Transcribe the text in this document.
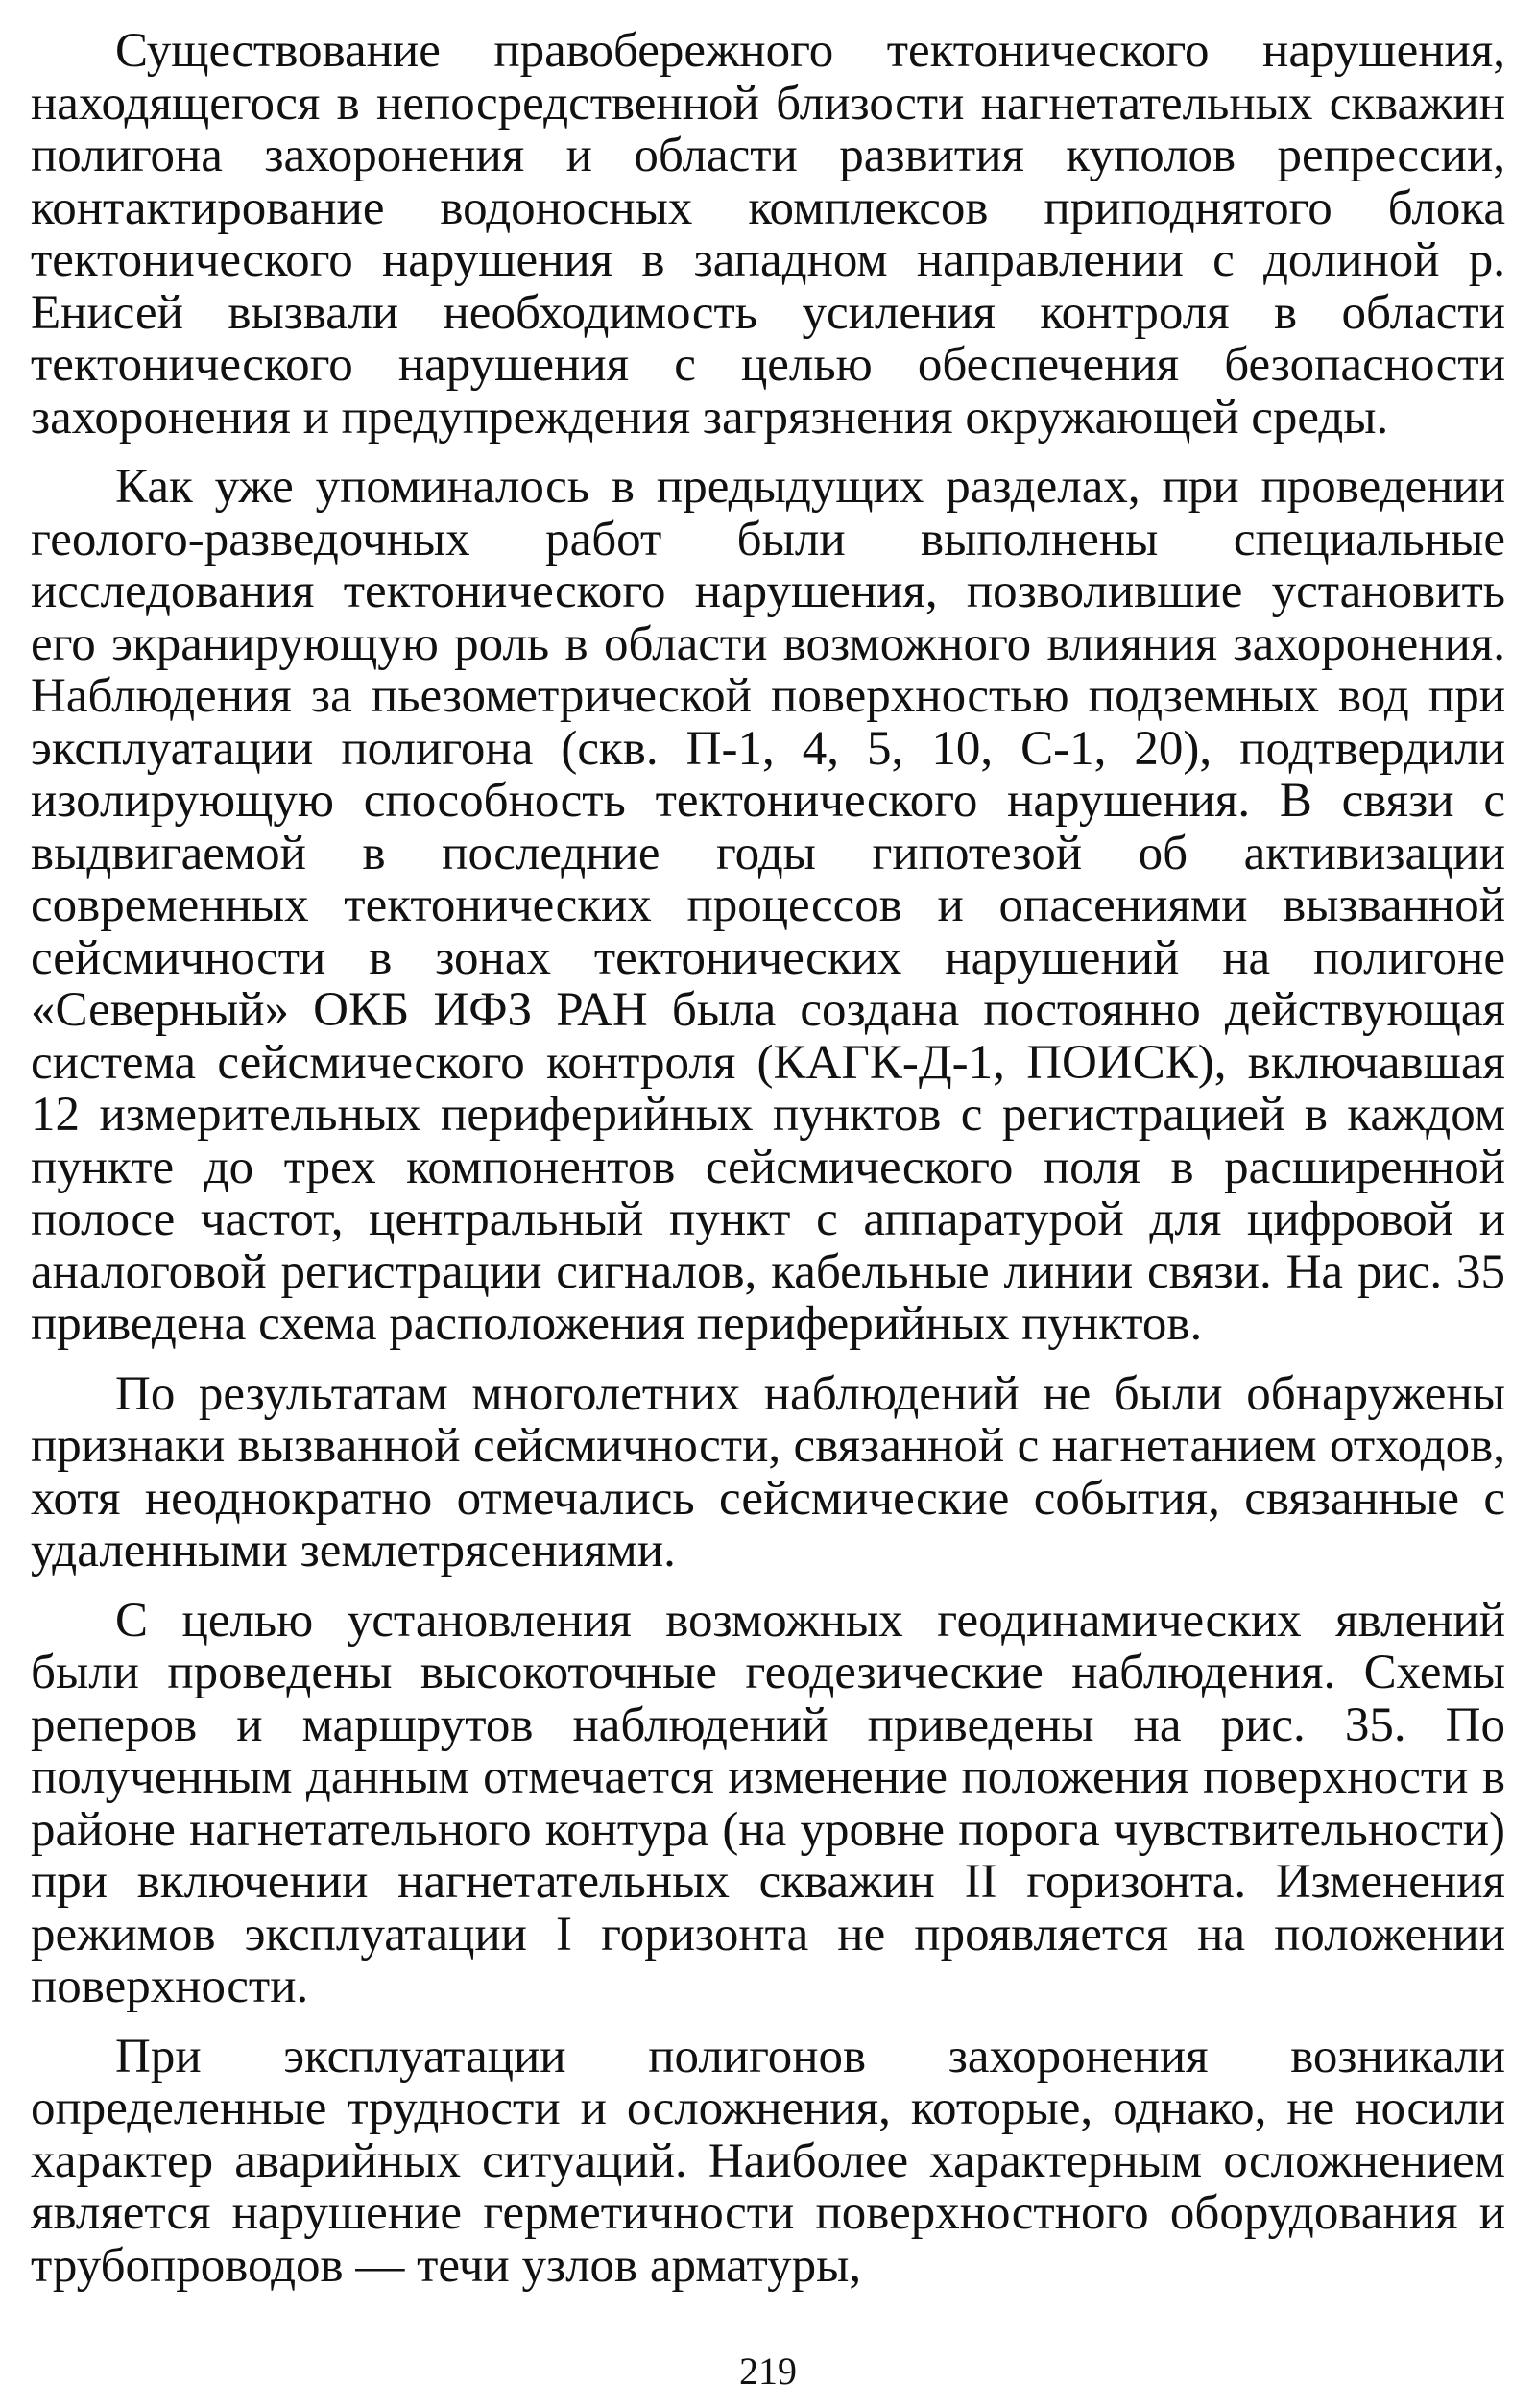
Существование правобережного тектонического нарушения, находящегося в непосредственной близости нагнетательных скважин полигона захоронения и области развития куполов репрессии, контактирование водоносных комплексов приподнятого блока тектонического нарушения в западном направлении с долиной р. Енисей вызвали необходимость усиления контроля в области тектонического нарушения с целью обеспечения безопасности захоронения и предупреждения загрязнения окружающей среды.

Как уже упоминалось в предыдущих разделах, при проведении геолого-разведочных работ были выполнены специальные исследования тектонического нарушения, позволившие установить его экранирующую роль в области возможного влияния захоронения. Наблюдения за пьезометрической поверхностью подземных вод при эксплуатации полигона (скв. П-1, 4, 5, 10, С-1, 20), подтвердили изолирующую способность тектонического нарушения. В связи с выдвигаемой в последние годы гипотезой об активизации современных тектонических процессов и опасениями вызванной сейсмичности в зонах тектонических нарушений на полигоне «Северный» ОКБ ИФЗ РАН была создана постоянно действующая система сейсмического контроля (КАГК-Д-1, ПОИСК), включавшая 12 измерительных периферийных пунктов с регистрацией в каждом пункте до трех компонентов сейсмического поля в расширенной полосе частот, центральный пункт с аппаратурой для цифровой и аналоговой регистрации сигналов, кабельные линии связи. На рис. 35 приведена схема расположения периферийных пунктов.

По результатам многолетних наблюдений не были обнаружены признаки вызванной сейсмичности, связанной с нагнетанием отходов, хотя неоднократно отмечались сейсмические события, связанные с удаленными землетрясениями.

С целью установления возможных геодинамических явлений были проведены высокоточные геодезические наблюдения. Схемы реперов и маршрутов наблюдений приведены на рис. 35. По полученным данным отмечается изменение положения поверхности в районе нагнетательного контура (на уровне порога чувствительности) при включении нагнетательных скважин II горизонта. Изменения режимов эксплуатации I горизонта не проявляется на положении поверхности.

При эксплуатации полигонов захоронения возникали определенные трудности и осложнения, которые, однако, не носили характер аварийных ситуаций. Наиболее характерным осложнением является нарушение герметичности поверхностного оборудования и трубопроводов — течи узлов арматуры,

219
